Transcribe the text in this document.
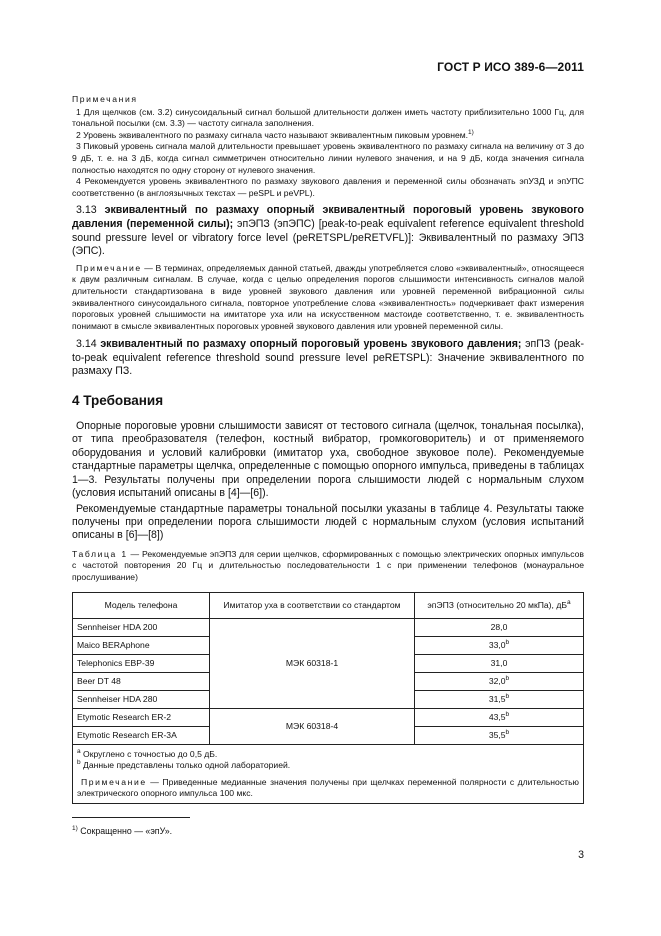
ГОСТ Р ИСО 389-6—2011
Примечания
1 Для щелчков (см. 3.2) синусоидальный сигнал большой длительности должен иметь частоту приблизительно 1000 Гц, для тональной посылки (см. 3.3) — частоту сигнала заполнения.
2 Уровень эквивалентного по размаху сигнала часто называют эквивалентным пиковым уровнем.$^{1)}$
3 Пиковый уровень сигнала малой длительности превышает уровень эквивалентного по размаху сигнала на величину от 3 до 9 дБ, т. е. на 3 дБ, когда сигнал симметричен относительно линии нулевого значения, и на 9 дБ, когда значения сигнала полностью находятся по одну сторону от нулевого значения.
4 Рекомендуется уровень эквивалентного по размаху звукового давления и переменной силы обозначать эпУЗД и эпУПС соответственно (в англоязычных текстах — peSPL и peVPL).
3.13 эквивалентный по размаху опорный эквивалентный пороговый уровень звукового давления (переменной силы); эпЭПЗ (эпЭПС) [peak-to-peak equivalent reference equivalent threshold sound pressure level or vibratory force level (peRETSPL/peRETVFL)]: Эквивалентный по размаху ЭПЗ (ЭПС).
Примечание — В терминах, определяемых данной статьей, дважды употребляется слово «эквивалентный», относящееся к двум различным сигналам. В случае, когда с целью определения порогов слышимости интенсивность сигналов малой длительности стандартизована в виде уровней звукового давления или уровней переменной вибрационной силы эквивалентного синусоидального сигнала, повторное употребление слова «эквивалентность» подчеркивает факт измерения пороговых уровней слышимости на имитаторе уха или на искусственном мастоиде соответственно, т. е. эквивалентность понимают в смысле эквивалентных пороговых уровней звукового давления или уровней переменной силы.
3.14 эквивалентный по размаху опорный пороговый уровень звукового давления; эпПЗ (peak-to-peak equivalent reference threshold sound pressure level peRETSPL): Значение эквивалентного по размаху ПЗ.
4 Требования
Опорные пороговые уровни слышимости зависят от тестового сигнала (щелчок, тональная посылка), от типа преобразователя (телефон, костный вибратор, громкоговоритель) и от применяемого оборудования и условий калибровки (имитатор уха, свободное звуковое поле). Рекомендуемые стандартные параметры щелчка, определенные с помощью опорного импульса, приведены в таблицах 1—3. Результаты получены при определении порога слышимости людей с нормальным слухом (условия испытаний описаны в [4]—[6]).
Рекомендуемые стандартные параметры тональной посылки указаны в таблице 4. Результаты также получены при определении порога слышимости людей с нормальным слухом (условия испытаний описаны в [6]—[8])
Таблица 1 — Рекомендуемые эпЭПЗ для серии щелчков, сформированных с помощью электрических опорных импульсов с частотой повторения 20 Гц и длительностью последовательности 1 с при применении телефонов (монауральное прослушивание)
Модель телефона	Имитатор уха в соответствии со стандартом	эпЭПЗ (относительно 20 мкПа), $дБ^a$
Sennheiser HDA 200	МЭК 60318-1	28,0
Maico BERAphone		33,0$^b$
Telephonics EBP-39		31,0
Beer DT 48		32,0$^b$
Sennheiser HDA 280		31,5$^b$
Etymotic Research ER-2	МЭК 60318-4	43,5$^b$
Etymotic Research ER-3A		35,5$^b$

$^a$ Округлено с точностью до 0,5 дБ.
$^b$ Данные представлены только одной лабораторией.
Примечание — Приведенные медианные значения получены при щелчках переменной полярности с длительностью электрического опорного импульса 100 мкс.		
$^{1)}$ Сокращенно — «эпУ».
3
